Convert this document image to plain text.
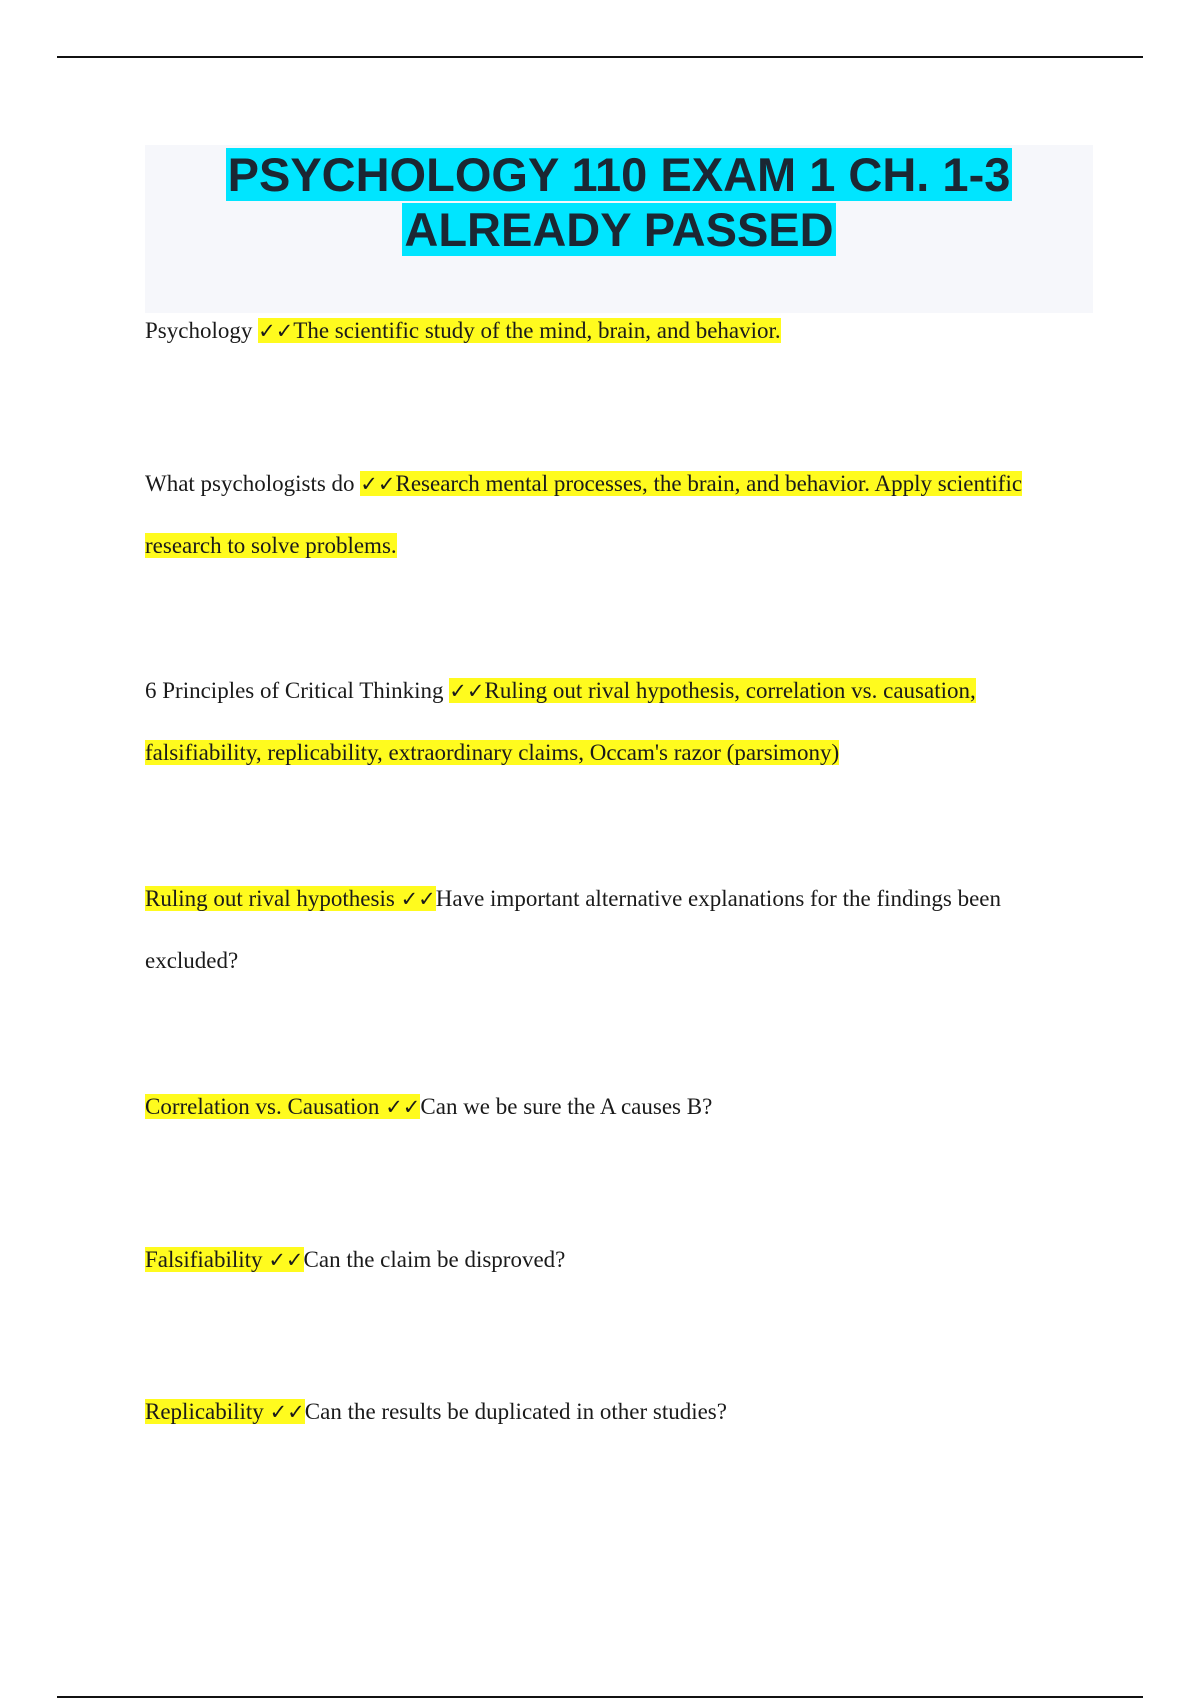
PSYCHOLOGY 110 EXAM 1 CH. 1-3
ALREADY PASSED
Psychology ✓✓The scientific study of the mind, brain, and behavior.
What psychologists do ✓✓Research mental processes, the brain, and behavior. Apply scientific research to solve problems.
6 Principles of Critical Thinking ✓✓Ruling out rival hypothesis, correlation vs. causation, falsifiability, replicability, extraordinary claims, Occam's razor (parsimony)
Ruling out rival hypothesis ✓✓Have important alternative explanations for the findings been excluded?
Correlation vs. Causation ✓✓Can we be sure the A causes B?
Falsifiability ✓✓Can the claim be disproved?
Replicability ✓✓Can the results be duplicated in other studies?
